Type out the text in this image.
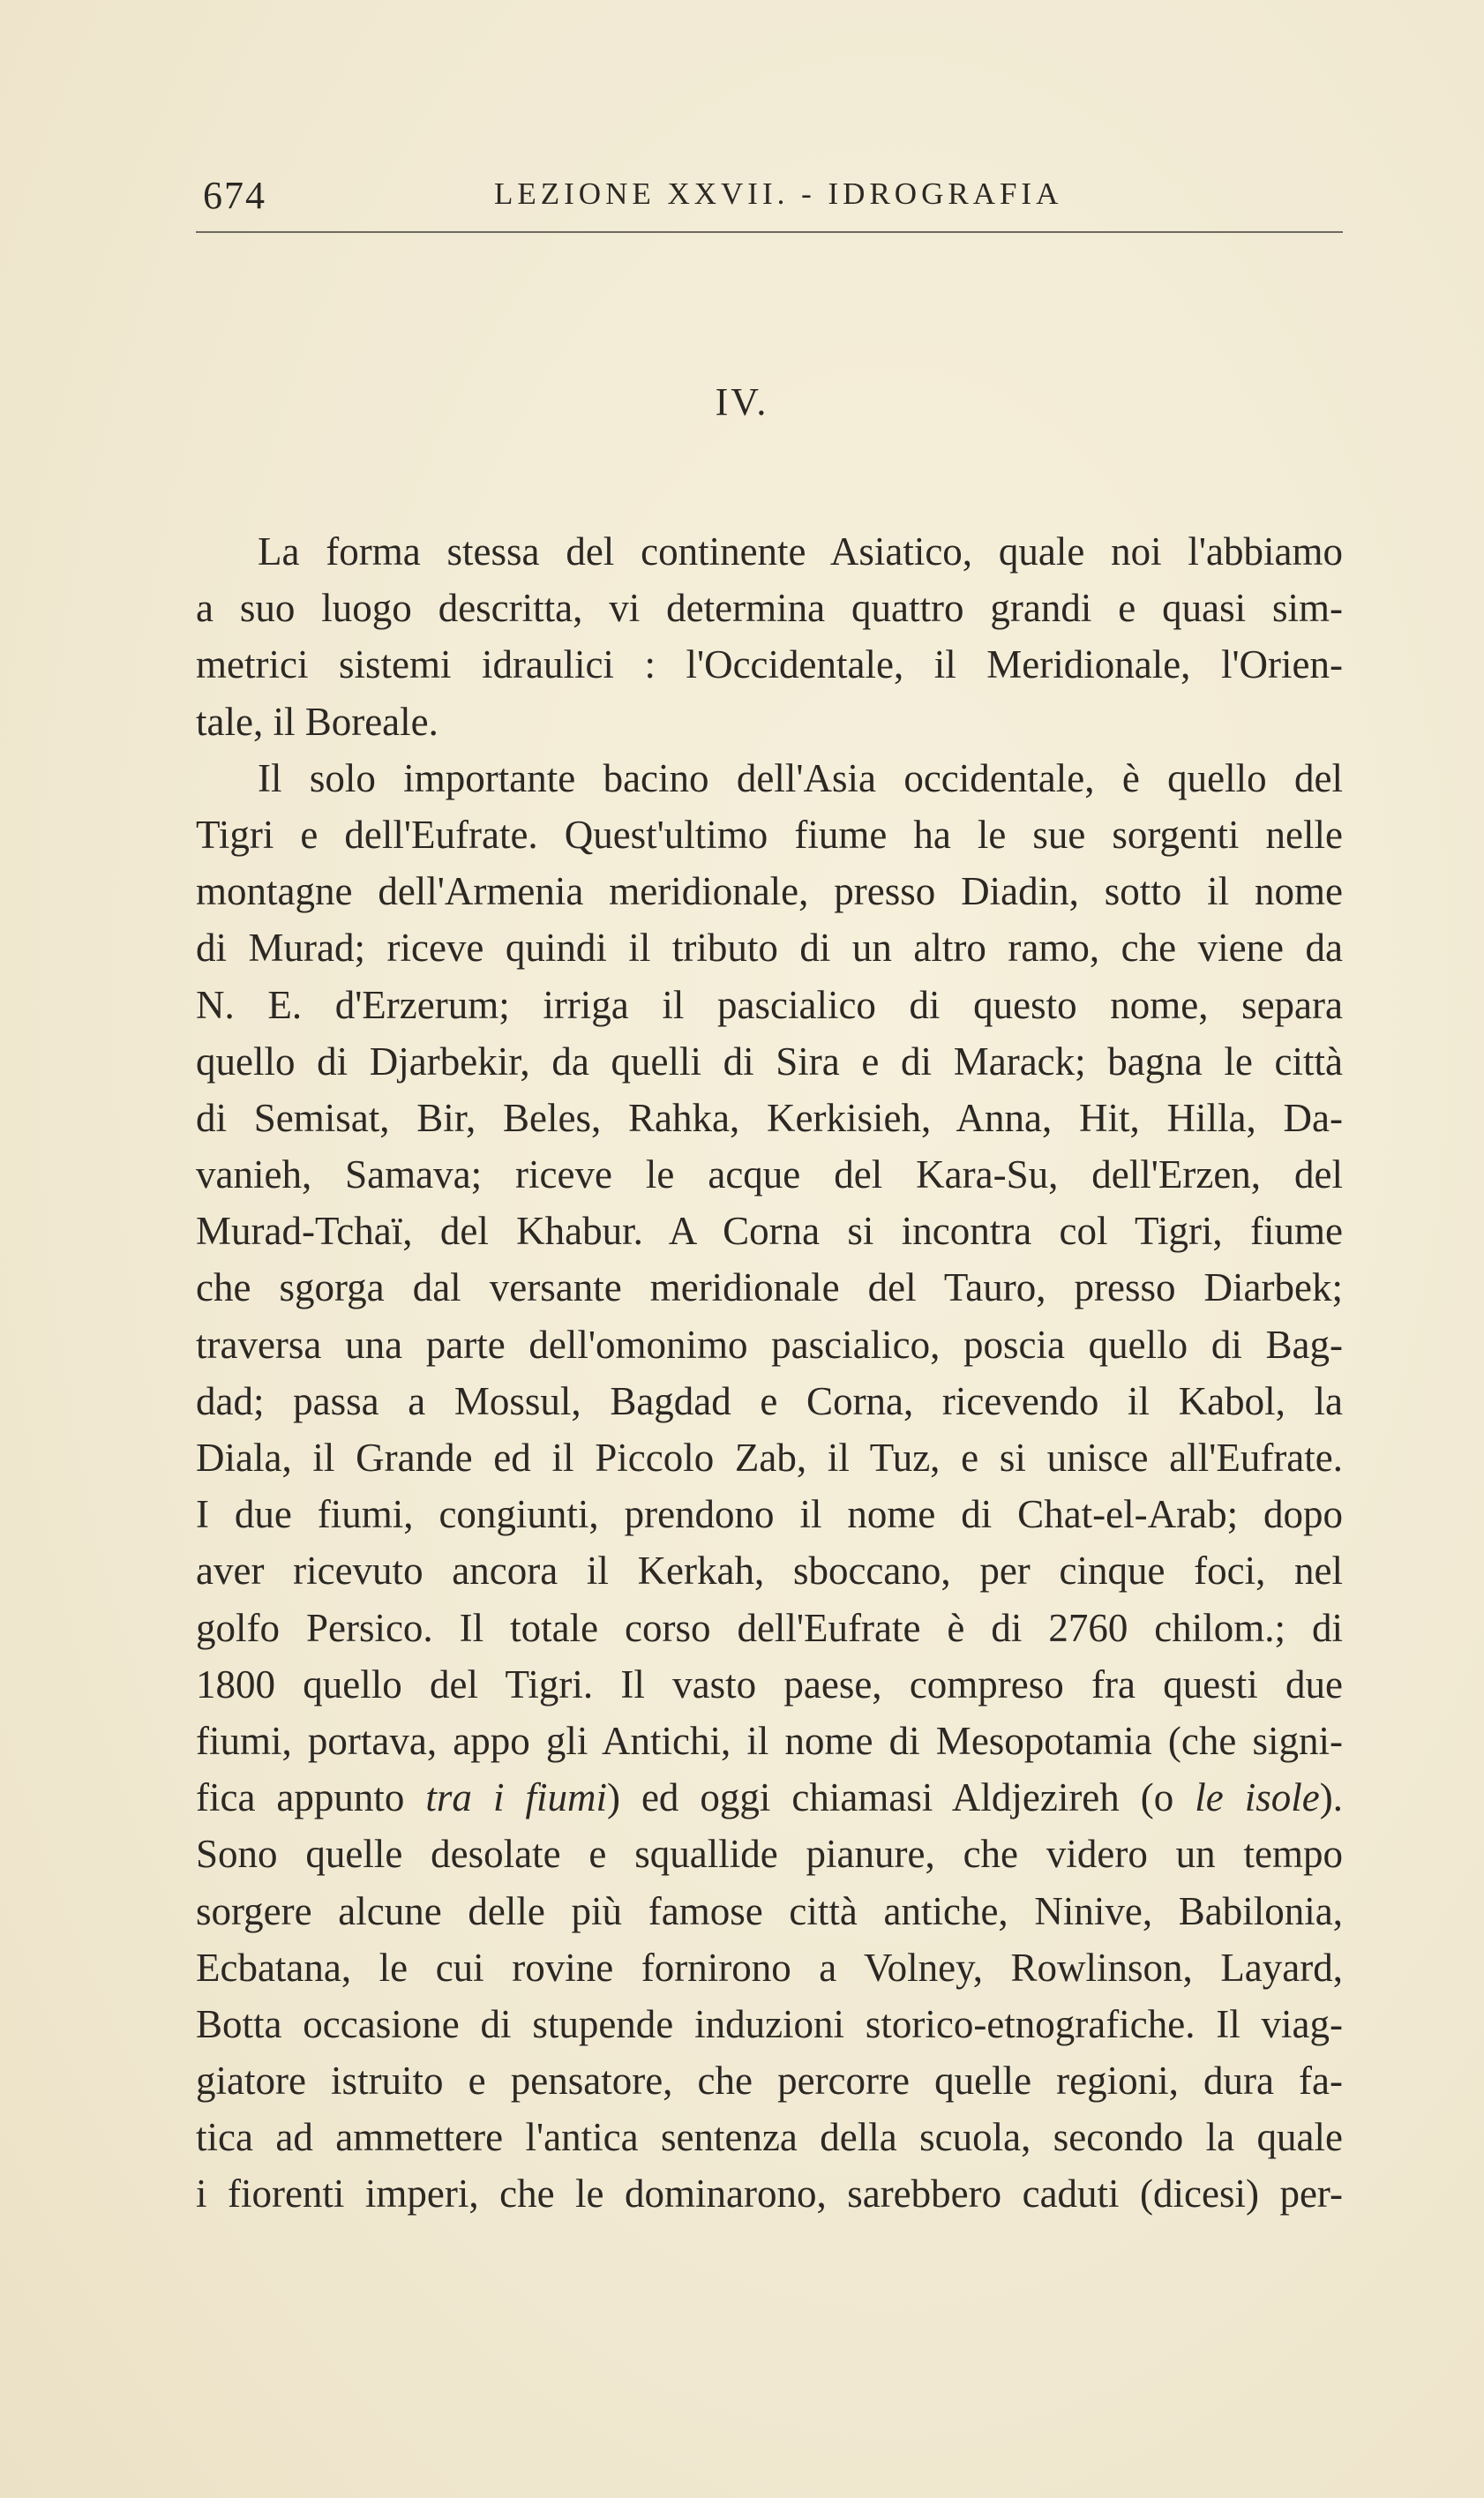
674	LEZIONE XXVII. - IDROGRAFIA
IV.
La forma stessa del continente Asiatico, quale noi l'abbiamo
a suo luogo descritta, vi determina quattro grandi e quasi sim-
metrici sistemi idraulici : l'Occidentale, il Meridionale, l'Orien-
tale, il Boreale.
Il solo importante bacino dell'Asia occidentale, è quello del
Tigri e dell'Eufrate. Quest'ultimo fiume ha le sue sorgenti nelle
montagne dell'Armenia meridionale, presso Diadin, sotto il nome
di Murad; riceve quindi il tributo di un altro ramo, che viene da
N. E. d'Erzerum; irriga il pascialico di questo nome, separa
quello di Djarbekir, da quelli di Sira e di Marack; bagna le città
di Semisat, Bir, Beles, Rahka, Kerkisieh, Anna, Hit, Hilla, Da-
vanieh, Samava; riceve le acque del Kara-Su, dell'Erzen, del
Murad-Tchaï, del Khabur. A Corna si incontra col Tigri, fiume
che sgorga dal versante meridionale del Tauro, presso Diarbek;
traversa una parte dell'omonimo pascialico, poscia quello di Bag-
dad; passa a Mossul, Bagdad e Corna, ricevendo il Kabol, la
Diala, il Grande ed il Piccolo Zab, il Tuz, e si unisce all'Eufrate.
I due fiumi, congiunti, prendono il nome di Chat-el-Arab; dopo
aver ricevuto ancora il Kerkah, sboccano, per cinque foci, nel
golfo Persico. Il totale corso dell'Eufrate è di 2760 chilom.; di
1800 quello del Tigri. Il vasto paese, compreso fra questi due
fiumi, portava, appo gli Antichi, il nome di Mesopotamia (che signi-
fica appunto tra i fiumi) ed oggi chiamasi Aldjezireh (o le isole).
Sono quelle desolate e squallide pianure, che videro un tempo
sorgere alcune delle più famose città antiche, Ninive, Babilonia,
Ecbatana, le cui rovine fornirono a Volney, Rowlinson, Layard,
Botta occasione di stupende induzioni storico-etnografiche. Il viag-
giatore istruito e pensatore, che percorre quelle regioni, dura fa-
tica ad ammettere l'antica sentenza della scuola, secondo la quale
i fiorenti imperi, che le dominarono, sarebbero caduti (dicesi) per-
